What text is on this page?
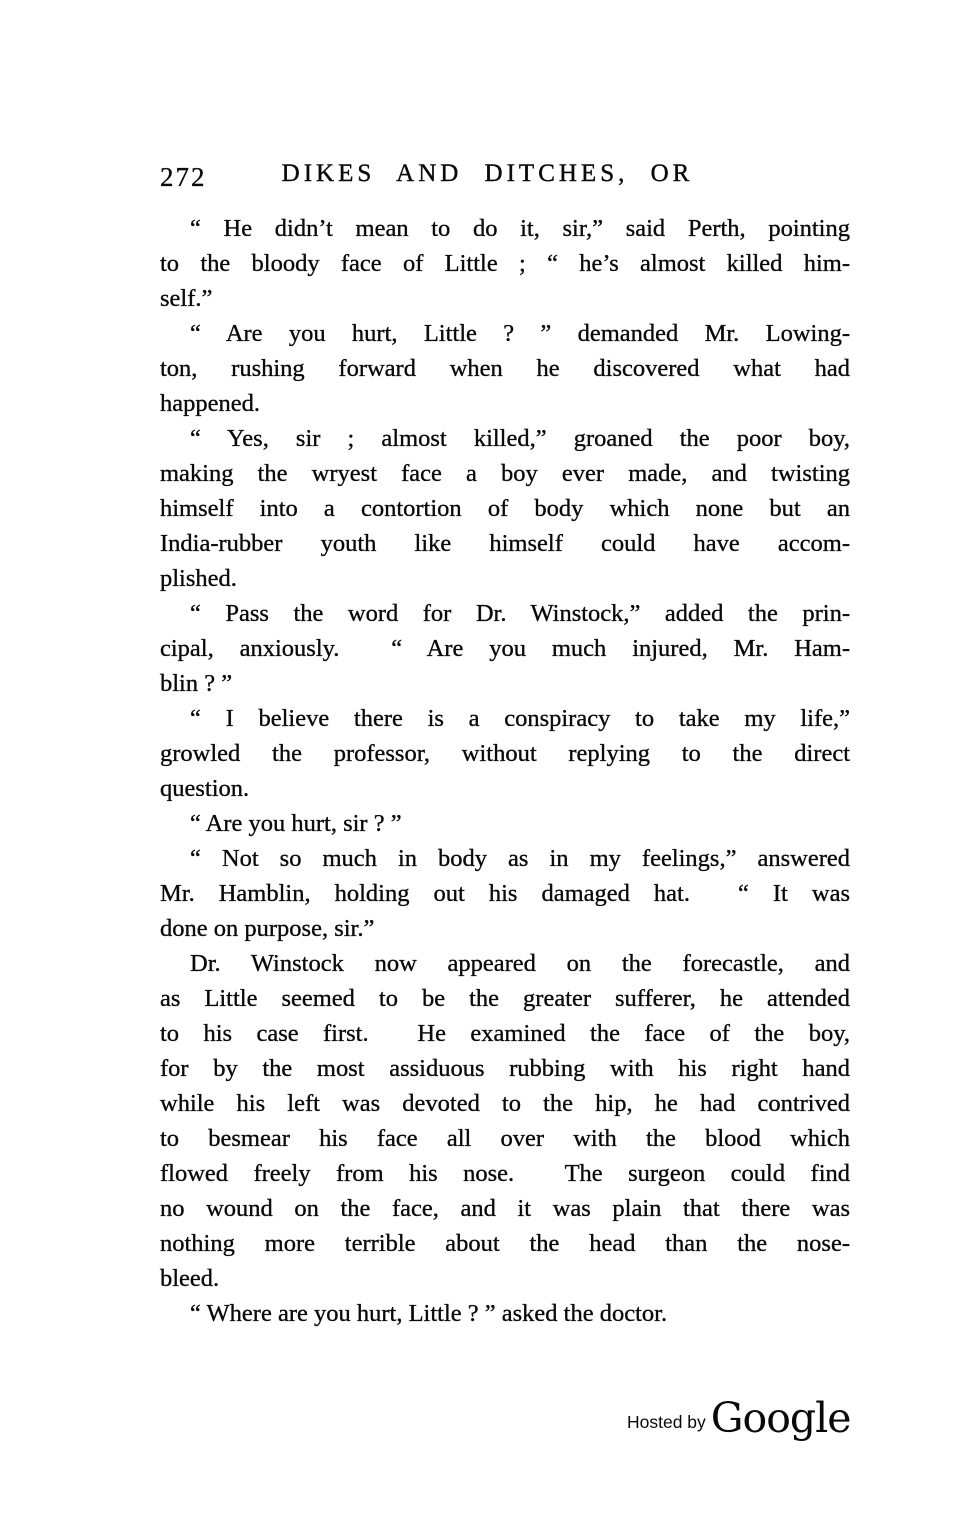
272	DIKES AND DITCHES, OR
“ He didn’t mean to do it, sir,” said Perth, pointing
to the bloody face of Little ; “ he’s almost killed him-
self.”
“ Are you hurt, Little ? ” demanded Mr. Lowing-
ton, rushing forward when he discovered what had
happened.
“ Yes, sir ; almost killed,” groaned the poor boy,
making the wryest face a boy ever made, and twisting
himself into a contortion of body which none but an
India-rubber youth like himself could have accom-
plished.
“ Pass the word for Dr. Winstock,” added the prin-
cipal, anxiously.  “ Are you much injured, Mr. Ham-
blin ? ”
“ I believe there is a conspiracy to take my life,”
growled the professor, without replying to the direct
question.
“ Are you hurt, sir ? ”
“ Not so much in body as in my feelings,” answered
Mr. Hamblin, holding out his damaged hat.  “ It was
done on purpose, sir.”
Dr. Winstock now appeared on the forecastle, and
as Little seemed to be the greater sufferer, he attended
to his case first.  He examined the face of the boy,
for by the most assiduous rubbing with his right hand
while his left was devoted to the hip, he had contrived
to besmear his face all over with the blood which
flowed freely from his nose.  The surgeon could find
no wound on the face, and it was plain that there was
nothing more terrible about the head than the nose-
bleed.
“ Where are you hurt, Little ? ” asked the doctor.
Hosted by Google
